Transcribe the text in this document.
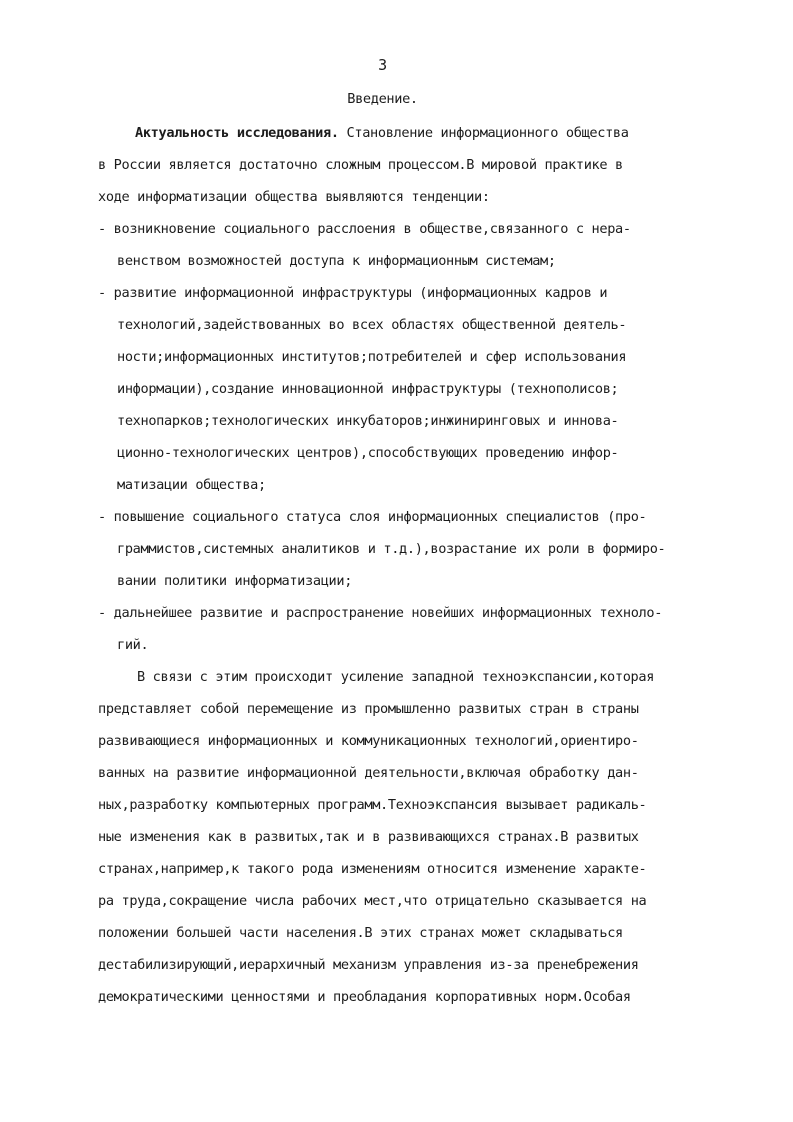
3
Введение.
Актуальность исследования. Становление информационного общества
в России является достаточно сложным процессом.В мировой практике в
ходе информатизации общества выявляются тенденции:
- возникновение социального расслоения в обществе,связанного с нера-
венством возможностей доступа к информационным системам;
- развитие информационной инфраструктуры (информационных кадров и
технологий,задействованных во всех областях общественной деятель-
ности;информационных институтов;потребителей и сфер использования
информации),создание инновационной инфраструктуры (технополисов;
технопарков;технологических инкубаторов;инжиниринговых и иннова-
ционно-технологических центров),способствующих проведению инфор-
матизации общества;
- повышение социального статуса слоя информационных специалистов (про-
граммистов,системных аналитиков и т.д.),возрастание их роли в формиро-
вании политики информатизации;
- дальнейшее развитие и распространение новейших информационных техноло-
гий.
В связи с этим происходит усиление западной техноэкспансии,которая
представляет собой перемещение из промышленно развитых стран в страны
развивающиеся информационных и коммуникационных технологий,ориентиро-
ванных на развитие информационной деятельности,включая обработку дан-
ных,разработку компьютерных программ.Техноэкспансия вызывает радикаль-
ные изменения как в развитых,так и в развивающихся странах.В развитых
странах,например,к такого рода изменениям относится изменение характе-
ра труда,сокращение числа рабочих мест,что отрицательно сказывается на
положении большей части населения.В этих странах может складываться
дестабилизирующий,иерархичный механизм управления из-за пренебрежения
демократическими ценностями и преобладания корпоративных норм.Особая
